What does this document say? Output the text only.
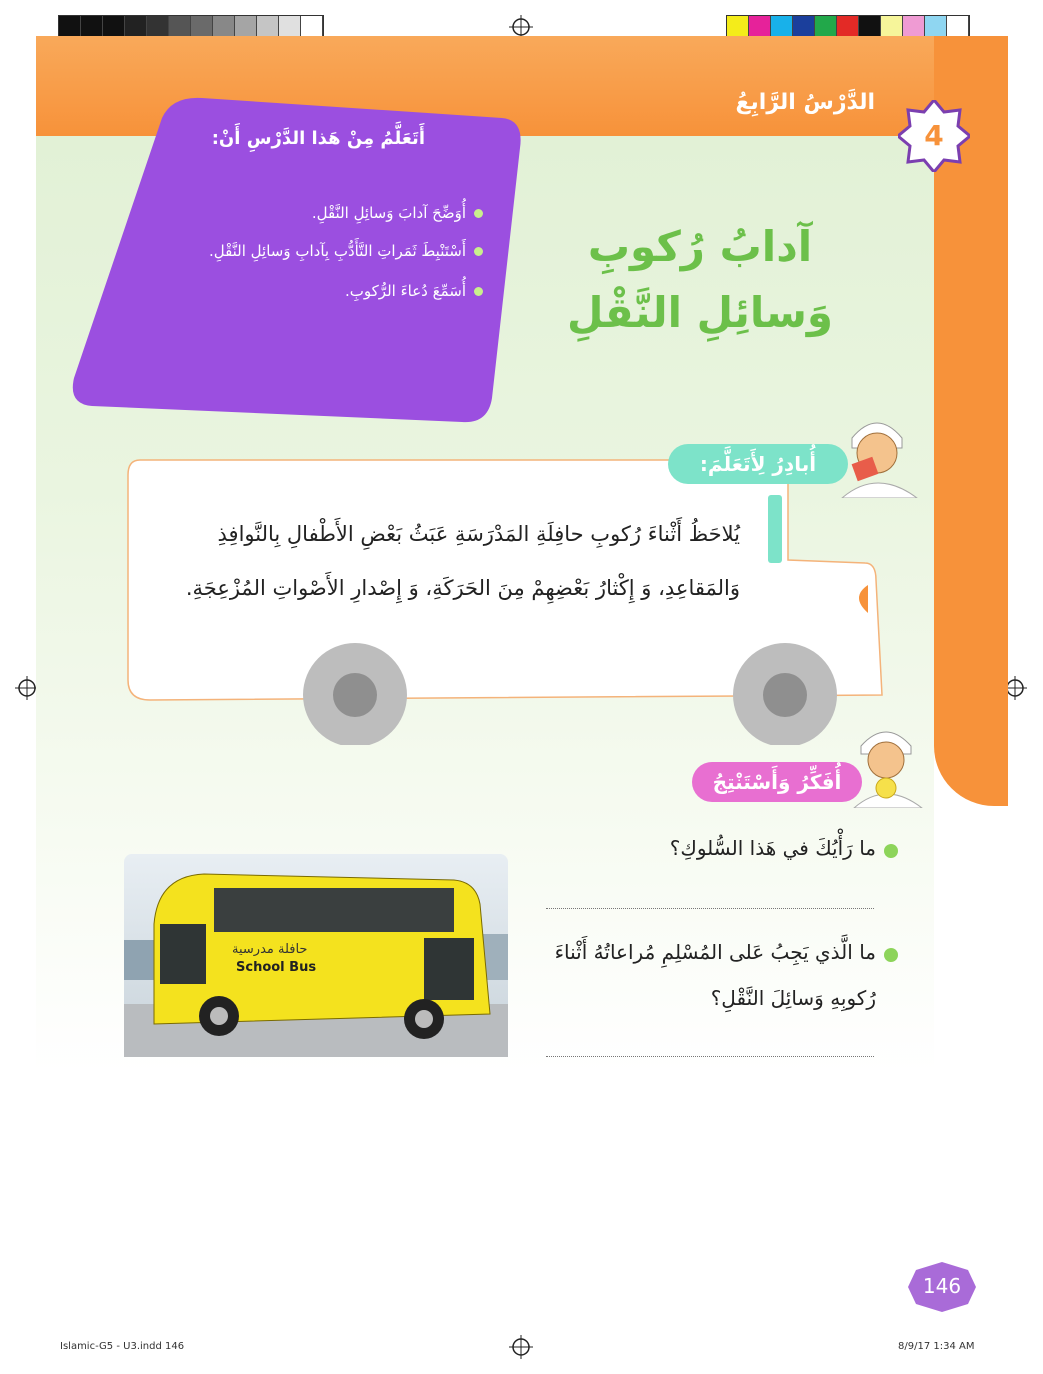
الدَّرْسُ الرَّابِعُ
4
أَتَعَلَّمُ مِنْ هَذا الدَّرْسِ أَنْ:
أُوَضِّحَ آدابَ وَسائِلِ النَّقْلِ.
أَسْتَنْبِطَ ثَمَراتِ التَّأَدُّبِ بِآدابِ وَسائِلِ النَّقْلِ.
أُسَمِّعَ دُعاءَ الرُّكوبِ.
آدابُ رُكوبِ
وَسائِلِ النَّقْلِ
أُبادِرُ لِأَتَعَلَّمَ:
يُلاحَظُ أَثْناءَ رُكوبِ حافِلَةِ المَدْرَسَةِ عَبَثُ بَعْضِ الأَطْفالِ بِالنَّوافِذِ
وَالمَقاعِدِ، وَ إِكْثارُ بَعْضِهِمْ مِنَ الحَرَكَةِ، وَ إِصْدارِ الأَصْواتِ المُزْعِجَةِ.
أُفَكِّرُ وَأَسْتَنْتِجُ
ما رَأْيُكَ في هَذا السُّلوكِ؟
ما الَّذي يَجِبُ عَلى المُسْلِمِ مُراعاتُهُ أَثْناءَ
رُكوبِهِ وَسائِلَ النَّقْلِ؟
حافلة مدرسية
School Bus
146
Islamic-G5 - U3.indd 146	8/9/17 1:34 AM
